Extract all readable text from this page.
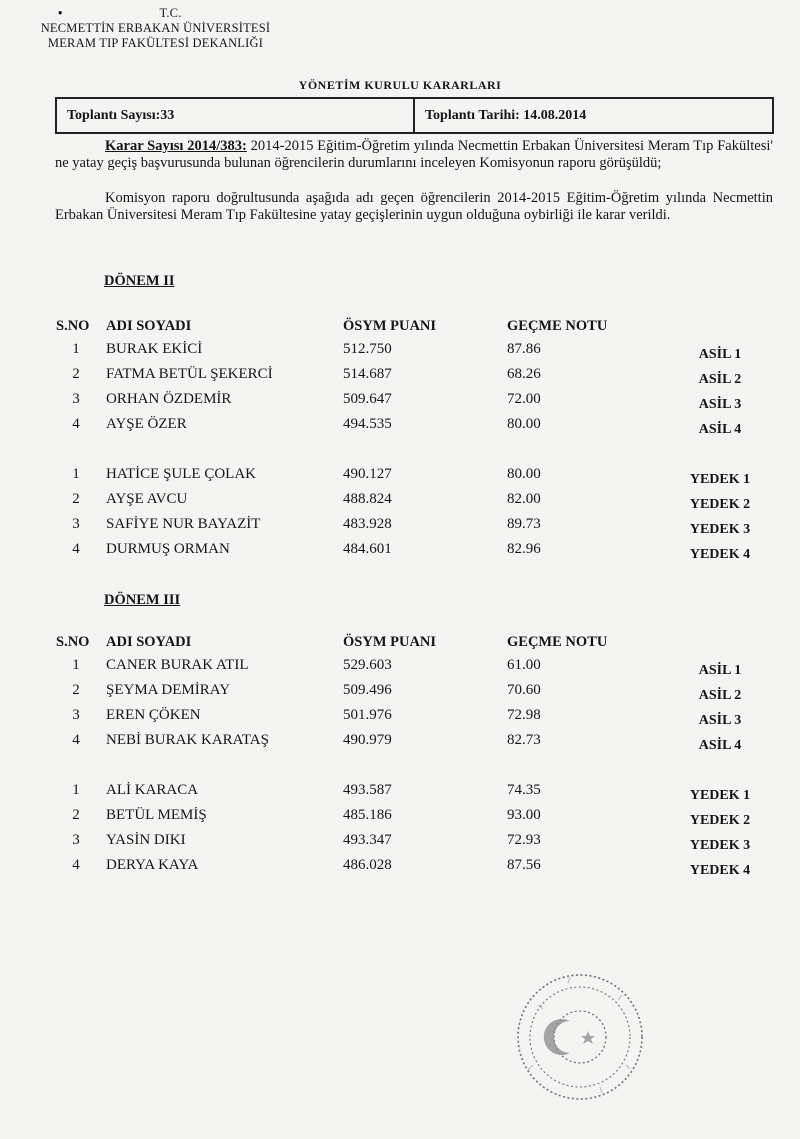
•	T.C.
NECMETTİN ERBAKAN ÜNİVERSİTESİ
MERAM TIP FAKÜLTESİ DEKANLIĞI
YÖNETİM KURULU KARARLARI
Toplantı Sayısı:33	Toplantı Tarihi: 14.08.2014
Karar Sayısı 2014/383: 2014-2015 Eğitim-Öğretim yılında Necmettin Erbakan Üniversitesi Meram Tıp Fakültesi' ne yatay geçiş başvurusunda bulunan öğrencilerin durumlarını inceleyen Komisyonun raporu görüşüldü;
Komisyon raporu doğrultusunda aşağıda adı geçen öğrencilerin 2014-2015 Eğitim-Öğretim yılında Necmettin Erbakan Üniversitesi Meram Tıp Fakültesine yatay geçişlerinin uygun olduğuna oybirliği ile karar verildi.
DÖNEM II
S.NO	ADI SOYADI	ÖSYM PUANI	GEÇME NOTU
1	BURAK EKİCİ	512.750	87.86	ASİL 1
2	FATMA BETÜL ŞEKERCİ	514.687	68.26	ASİL 2
3	ORHAN ÖZDEMİR	509.647	72.00	ASİL 3
4	AYŞE ÖZER	494.535	80.00	ASİL 4
1	HATİCE ŞULE ÇOLAK	490.127	80.00	YEDEK 1
2	AYŞE AVCU	488.824	82.00	YEDEK 2
3	SAFİYE NUR BAYAZİT	483.928	89.73	YEDEK 3
4	DURMUŞ ORMAN	484.601	82.96	YEDEK 4
DÖNEM III
S.NO	ADI SOYADI	ÖSYM PUANI	GEÇME NOTU
1	CANER BURAK ATIL	529.603	61.00	ASİL 1
2	ŞEYMA DEMİRAY	509.496	70.60	ASİL 2
3	EREN ÇÖKEN	501.976	72.98	ASİL 3
4	NEBİ BURAK KARATAŞ	490.979	82.73	ASİL 4
1	ALİ KARACA	493.587	74.35	YEDEK 1
2	BETÜL MEMİŞ	485.186	93.00	YEDEK 2
3	YASİN DIKI	493.347	72.93	YEDEK 3
4	DERYA KAYA	486.028	87.56	YEDEK 4
